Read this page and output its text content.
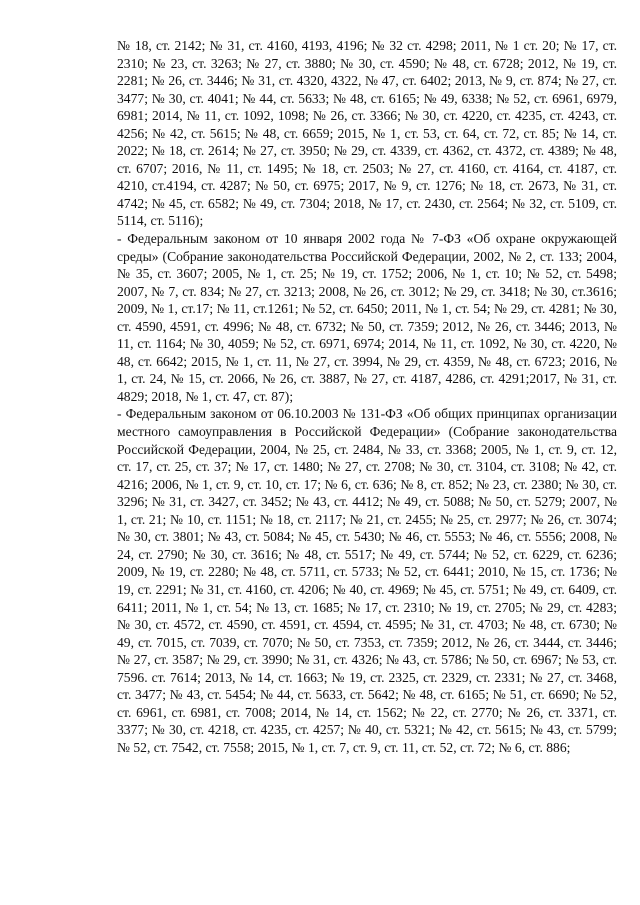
№ 18, ст. 2142; № 31, ст. 4160, 4193, 4196; № 32 ст. 4298; 2011, № 1 ст. 20; № 17, ст. 2310; № 23, ст. 3263; № 27, ст. 3880; № 30, ст. 4590; № 48, ст. 6728; 2012, № 19, ст. 2281; № 26, ст. 3446; № 31, ст. 4320, 4322, № 47, ст. 6402; 2013, № 9, ст. 874; № 27, ст. 3477; № 30, ст. 4041; № 44, ст. 5633; № 48, ст. 6165; № 49, 6338; № 52, ст. 6961, 6979, 6981; 2014, № 11, ст. 1092, 1098; № 26, ст. 3366; № 30, ст. 4220, ст. 4235, ст. 4243, ст. 4256; № 42, ст. 5615; № 48, ст. 6659; 2015, № 1, ст. 53, ст. 64, ст. 72, ст. 85; № 14, ст. 2022; № 18, ст. 2614; № 27, ст. 3950; № 29, ст. 4339, ст. 4362, ст. 4372, ст. 4389; № 48, ст. 6707; 2016, № 11, ст. 1495; № 18, ст. 2503; № 27, ст. 4160, ст. 4164, ст. 4187, ст. 4210, ст.4194, ст. 4287; № 50, ст. 6975; 2017, № 9, ст. 1276; № 18, ст. 2673, № 31, ст. 4742; № 45, ст. 6582; № 49, ст. 7304; 2018, № 17, ст. 2430, ст. 2564; № 32, ст. 5109, ст. 5114, ст. 5116);

- Федеральным законом от 10 января 2002 года № 7-ФЗ «Об охране окружающей среды» (Собрание законодательства Российской Федерации, 2002, № 2, ст. 133; 2004, № 35, ст. 3607; 2005, № 1, ст. 25; № 19, ст. 1752; 2006, № 1, ст. 10; № 52, ст. 5498; 2007, № 7, ст. 834; № 27, ст. 3213; 2008, № 26, ст. 3012; № 29, ст. 3418; № 30, ст.3616; 2009, № 1, ст.17; № 11, ст.1261; № 52, ст. 6450; 2011, № 1, ст. 54; № 29, ст. 4281; № 30, ст. 4590, 4591, ст. 4996; № 48, ст. 6732; № 50, ст. 7359; 2012, № 26, ст. 3446; 2013, № 11, ст. 1164; № 30, 4059; № 52, ст. 6971, 6974; 2014, № 11, ст. 1092, № 30, ст. 4220, № 48, ст. 6642; 2015, № 1, ст. 11, № 27, ст. 3994, № 29, ст. 4359, № 48, ст. 6723; 2016, № 1, ст. 24, № 15, ст. 2066, № 26, ст. 3887, № 27, ст. 4187, 4286, ст. 4291;2017, № 31, ст. 4829; 2018, № 1, ст. 47, ст. 87);

- Федеральным законом от 06.10.2003 № 131-ФЗ «Об общих принципах организации местного самоуправления в Российской Федерации» (Собрание законодательства Российской Федерации, 2004, № 25, ст. 2484, № 33, ст. 3368; 2005, № 1, ст. 9, ст. 12, ст. 17, ст. 25, ст. 37; № 17, ст. 1480; № 27, ст. 2708; № 30, ст. 3104, ст. 3108; № 42, ст. 4216; 2006, № 1, ст. 9, ст. 10, ст. 17; № 6, ст. 636; № 8, ст. 852; № 23, ст. 2380; № 30, ст. 3296; № 31, ст. 3427, ст. 3452; № 43, ст. 4412; № 49, ст. 5088; № 50, ст. 5279; 2007, № 1, ст. 21; № 10, ст. 1151; № 18, ст. 2117; № 21, ст. 2455; № 25, ст. 2977; № 26, ст. 3074; № 30, ст. 3801; № 43, ст. 5084; № 45, ст. 5430; № 46, ст. 5553; № 46, ст. 5556; 2008, № 24, ст. 2790; № 30, ст. 3616; № 48, ст. 5517; № 49, ст. 5744; № 52, ст. 6229, ст. 6236; 2009, № 19, ст. 2280; № 48, ст. 5711, ст. 5733; № 52, ст. 6441; 2010, № 15, ст. 1736; № 19, ст. 2291; № 31, ст. 4160, ст. 4206; № 40, ст. 4969; № 45, ст. 5751; № 49, ст. 6409, ст. 6411; 2011, № 1, ст. 54; № 13, ст. 1685; № 17, ст. 2310; № 19, ст. 2705; № 29, ст. 4283; № 30, ст. 4572, ст. 4590, ст. 4591, ст. 4594, ст. 4595; № 31, ст. 4703; № 48, ст. 6730; № 49, ст. 7015, ст. 7039, ст. 7070; № 50, ст. 7353, ст. 7359; 2012, № 26, ст. 3444, ст. 3446; № 27, ст. 3587; № 29, ст. 3990; № 31, ст. 4326; № 43, ст. 5786; № 50, ст. 6967; № 53, ст. 7596. ст. 7614; 2013, № 14, ст. 1663; № 19, ст. 2325, ст. 2329, ст. 2331; № 27, ст. 3468, ст. 3477; № 43, ст. 5454; № 44, ст. 5633, ст. 5642; № 48, ст. 6165; № 51, ст. 6690; № 52, ст. 6961, ст. 6981, ст. 7008; 2014, № 14, ст. 1562; № 22, ст. 2770; № 26, ст. 3371, ст. 3377; № 30, ст. 4218, ст. 4235, ст. 4257; № 40, ст. 5321; № 42, ст. 5615; № 43, ст. 5799; № 52, ст. 7542, ст. 7558; 2015, № 1, ст. 7, ст. 9, ст. 11, ст. 52, ст. 72; № 6, ст. 886;
